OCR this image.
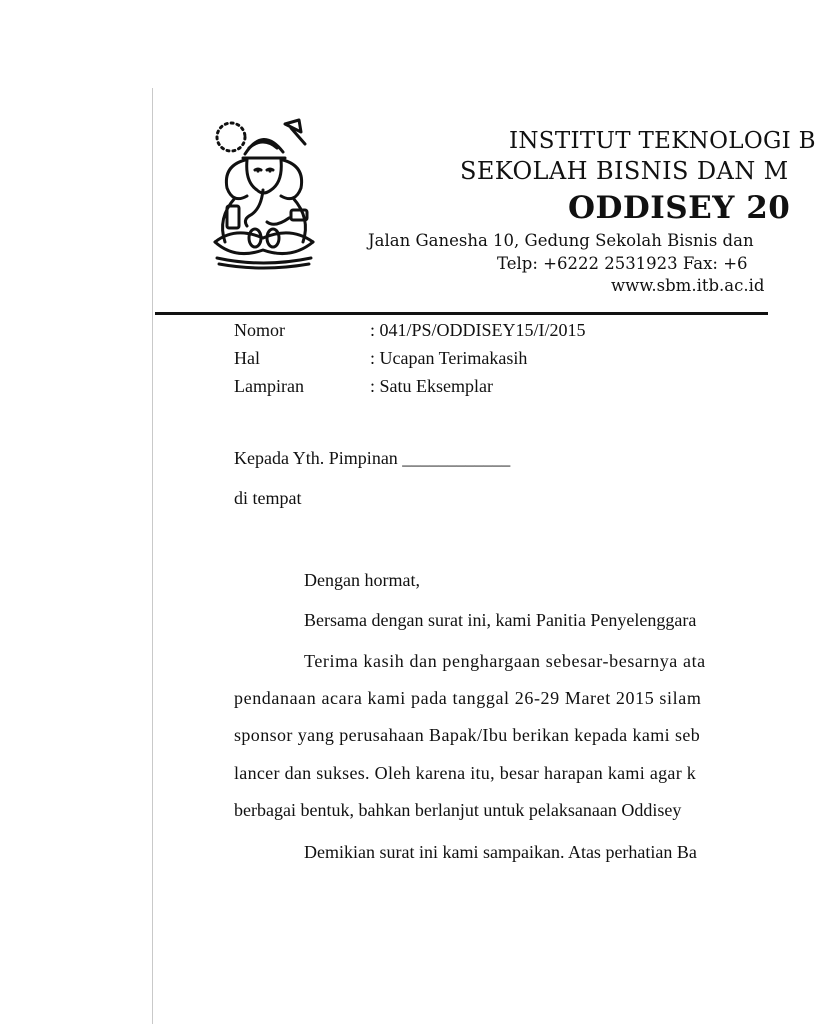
INSTITUT TEKNOLOGI B
SEKOLAH BISNIS DAN M
ODDISEY 20
Jalan Ganesha 10, Gedung Sekolah Bisnis dan
Telp: +6222 2531923 Fax: +6
www.sbm.itb.ac.id
Nomor	: 041/PS/ODDISEY15/I/2015
Hal	: Ucapan Terimakasih
Lampiran	: Satu Eksemplar
Kepada Yth. Pimpinan ____________
di tempat
Dengan hormat,
Bersama dengan surat ini, kami Panitia Penyelenggara
Terima kasih dan penghargaan sebesar-besarnya ata
pendanaan acara kami pada tanggal 26-29 Maret 2015 silam
sponsor yang perusahaan Bapak/Ibu berikan kepada kami seb
lancer dan sukses. Oleh karena itu, besar harapan kami agar k
berbagai bentuk, bahkan berlanjut untuk pelaksanaan Oddisey
Demikian surat ini kami sampaikan. Atas perhatian Ba
